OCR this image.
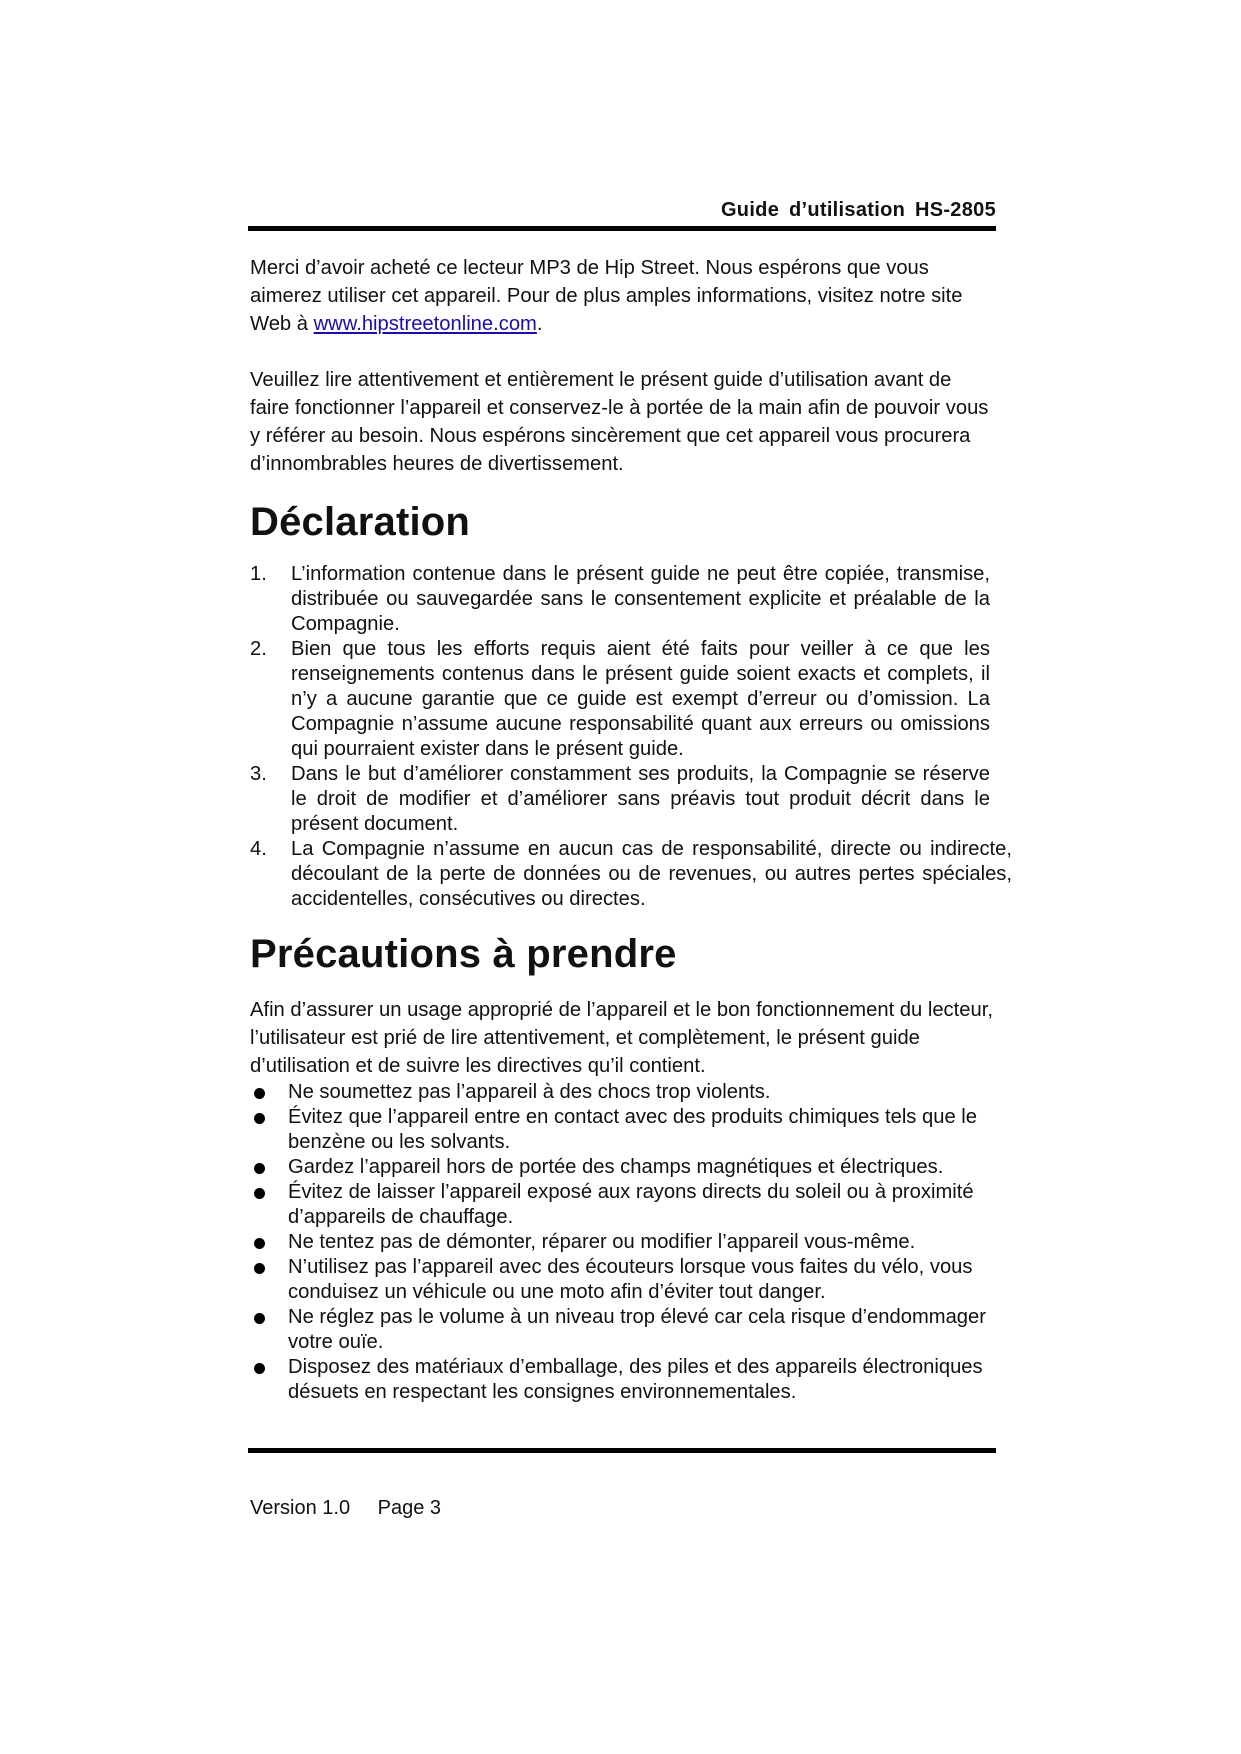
Guide d’utilisation HS-2805

Merci d’avoir acheté ce lecteur MP3 de Hip Street. Nous espérons que vous aimerez utiliser cet appareil. Pour de plus amples informations, visitez notre site Web à www.hipstreetonline.com.

Veuillez lire attentivement et entièrement le présent guide d’utilisation avant de faire fonctionner l’appareil et conservez-le à portée de la main afin de pouvoir vous y référer au besoin. Nous espérons sincèrement que cet appareil vous procurera d’innombrables heures de divertissement.

Déclaration
1. L’information contenue dans le présent guide ne peut être copiée, transmise, distribuée ou sauvegardée sans le consentement explicite et préalable de la Compagnie.
2. Bien que tous les efforts requis aient été faits pour veiller à ce que les renseignements contenus dans le présent guide soient exacts et complets, il n’y a aucune garantie que ce guide est exempt d’erreur ou d’omission. La Compagnie n’assume aucune responsabilité quant aux erreurs ou omissions qui pourraient exister dans le présent guide.
3. Dans le but d’améliorer constamment ses produits, la Compagnie se réserve le droit de modifier et d’améliorer sans préavis tout produit décrit dans le présent document.
4. La Compagnie n’assume en aucun cas de responsabilité, directe ou indirecte, découlant de la perte de données ou de revenues, ou autres pertes spéciales, accidentelles, consécutives ou directes.
Précautions à prendre

Afin d’assurer un usage approprié de l’appareil et le bon fonctionnement du lecteur, l’utilisateur est prié de lire attentivement, et complètement, le présent guide d’utilisation et de suivre les directives qu’il contient.

Ne soumettez pas l’appareil à des chocs trop violents.
Évitez que l’appareil entre en contact avec des produits chimiques tels que le benzène ou les solvants.
Gardez l’appareil hors de portée des champs magnétiques et électriques.
Évitez de laisser l’appareil exposé aux rayons directs du soleil ou à proximité d’appareils de chauffage.
Ne tentez pas de démonter, réparer ou modifier l’appareil vous-même.
N’utilisez pas l’appareil avec des écouteurs lorsque vous faites du vélo, vous conduisez un véhicule ou une moto afin d’éviter tout danger.
Ne réglez pas le volume à un niveau trop élevé car cela risque d’endommager votre ouïe.
Disposez des matériaux d’emballage, des piles et des appareils électroniques désuets en respectant les consignes environnementales.
Version 1.0 Page 3
